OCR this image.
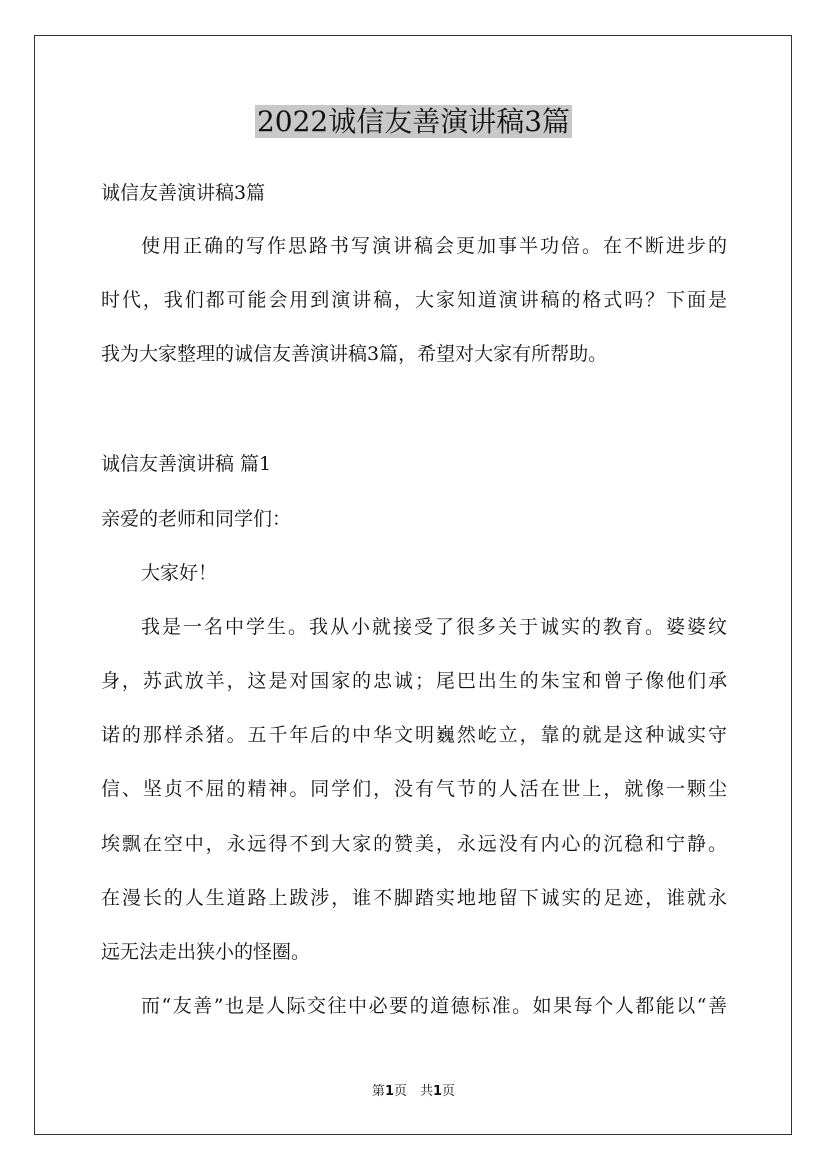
2022诚信友善演讲稿3篇
诚信友善演讲稿3篇
使用正确的写作思路书写演讲稿会更加事半功倍。在不断进步的
时代，我们都可能会用到演讲稿，大家知道演讲稿的格式吗？下面是
我为大家整理的诚信友善演讲稿3篇，希望对大家有所帮助。
诚信友善演讲稿 篇1
亲爱的老师和同学们：
大家好！
我是一名中学生。我从小就接受了很多关于诚实的教育。婆婆纹
身，苏武放羊，这是对国家的忠诚；尾巴出生的朱宝和曾子像他们承
诺的那样杀猪。五千年后的中华文明巍然屹立，靠的就是这种诚实守
信、坚贞不屈的精神。同学们，没有气节的人活在世上，就像一颗尘
埃飘在空中，永远得不到大家的赞美，永远没有内心的沉稳和宁静。
在漫长的人生道路上跋涉，谁不脚踏实地地留下诚实的足迹，谁就永
远无法走出狭小的怪圈。
而“友善”也是人际交往中必要的道德标准。如果每个人都能以“善
第1页　共1页
